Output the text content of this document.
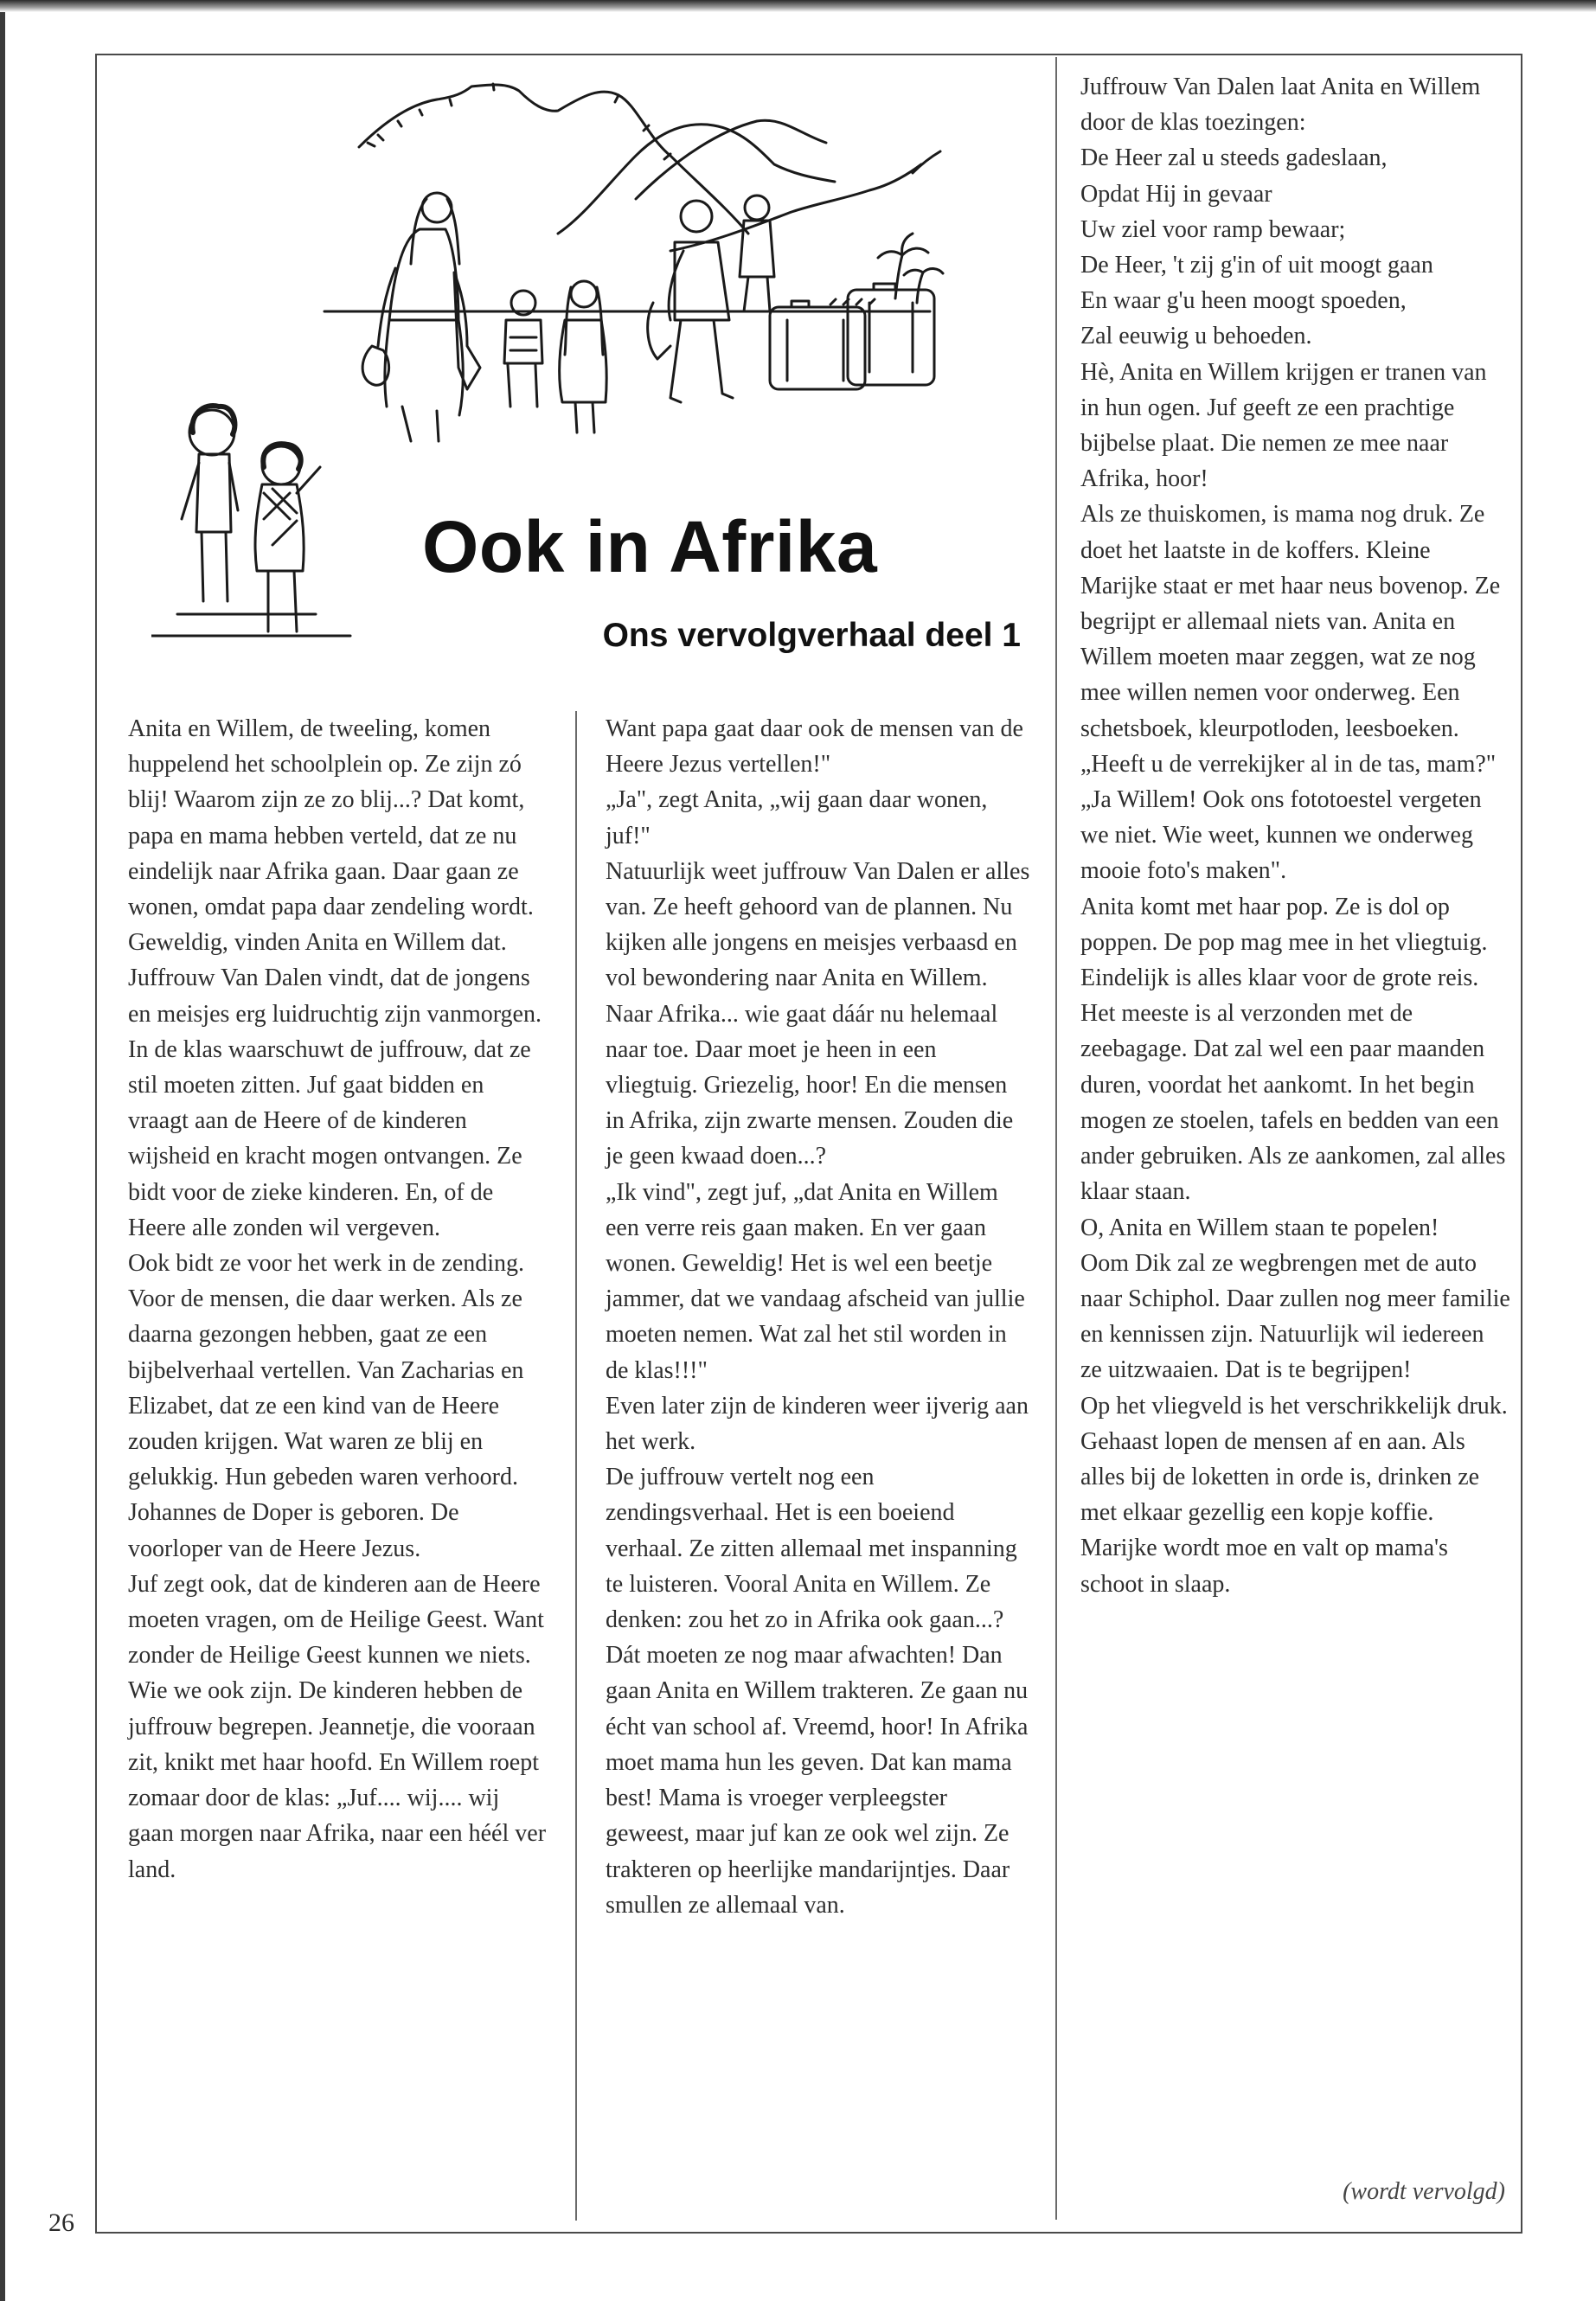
Ook in Afrika
Ons vervolgverhaal deel 1

Anita en Willem, de tweeling, komen huppelend het schoolplein op. Ze zijn zó blij! Waarom zijn ze zo blij...? Dat komt, papa en mama hebben verteld, dat ze nu eindelijk naar Afrika gaan. Daar gaan ze wonen, omdat papa daar zendeling wordt. Geweldig, vinden Anita en Willem dat.

Juffrouw Van Dalen vindt, dat de jongens en meisjes erg luidruchtig zijn vanmorgen. In de klas waarschuwt de juffrouw, dat ze stil moeten zitten. Juf gaat bidden en vraagt aan de Heere of de kinderen wijsheid en kracht mogen ontvangen. Ze bidt voor de zieke kinderen. En, of de Heere alle zonden wil vergeven.

Ook bidt ze voor het werk in de zending. Voor de mensen, die daar werken. Als ze daarna gezongen hebben, gaat ze een bijbelverhaal vertellen. Van Zacharias en Elizabet, dat ze een kind van de Heere zouden krijgen. Wat waren ze blij en gelukkig. Hun gebeden waren verhoord. Johannes de Doper is geboren. De voorloper van de Heere Jezus.

Juf zegt ook, dat de kinderen aan de Heere moeten vragen, om de Heilige Geest. Want zonder de Heilige Geest kunnen we niets. Wie we ook zijn. De kinderen hebben de juffrouw begrepen. Jeannetje, die vooraan zit, knikt met haar hoofd. En Willem roept zomaar door de klas: „Juf.... wij.... wij gaan morgen naar Afrika, naar een héél ver land.

Want papa gaat daar ook de mensen van de Heere Jezus vertellen!"

„Ja", zegt Anita, „wij gaan daar wonen, juf!"

Natuurlijk weet juffrouw Van Dalen er alles van. Ze heeft gehoord van de plannen. Nu kijken alle jongens en meisjes verbaasd en vol bewondering naar Anita en Willem. Naar Afrika... wie gaat dáár nu helemaal naar toe. Daar moet je heen in een vliegtuig. Griezelig, hoor! En die mensen in Afrika, zijn zwarte mensen. Zouden die je geen kwaad doen...?

„Ik vind", zegt juf, „dat Anita en Willem een verre reis gaan maken. En ver gaan wonen. Geweldig! Het is wel een beetje jammer, dat we vandaag afscheid van jullie moeten nemen. Wat zal het stil worden in de klas!!!"

Even later zijn de kinderen weer ijverig aan het werk.

De juffrouw vertelt nog een zendingsverhaal. Het is een boeiend verhaal. Ze zitten allemaal met inspanning te luisteren. Vooral Anita en Willem. Ze denken: zou het zo in Afrika ook gaan...? Dát moeten ze nog maar afwachten! Dan gaan Anita en Willem trakteren. Ze gaan nu écht van school af. Vreemd, hoor! In Afrika moet mama hun les geven. Dat kan mama best! Mama is vroeger verpleegster geweest, maar juf kan ze ook wel zijn. Ze trakteren op heerlijke mandarijntjes. Daar smullen ze allemaal van.

Juffrouw Van Dalen laat Anita en Willem door de klas toezingen:

De Heer zal u steeds gadeslaan,

Opdat Hij in gevaar

Uw ziel voor ramp bewaar;

De Heer, 't zij g'in of uit moogt gaan

En waar g'u heen moogt spoeden,

Zal eeuwig u behoeden.

Hè, Anita en Willem krijgen er tranen van in hun ogen. Juf geeft ze een prachtige bijbelse plaat. Die nemen ze mee naar Afrika, hoor!

Als ze thuiskomen, is mama nog druk. Ze doet het laatste in de koffers. Kleine Marijke staat er met haar neus bovenop. Ze begrijpt er allemaal niets van. Anita en Willem moeten maar zeggen, wat ze nog mee willen nemen voor onderweg. Een schetsboek, kleurpotloden, leesboeken.

„Heeft u de verrekijker al in de tas, mam?"

„Ja Willem! Ook ons fototoestel vergeten we niet. Wie weet, kunnen we onderweg mooie foto's maken".

Anita komt met haar pop. Ze is dol op poppen. De pop mag mee in het vliegtuig.

Eindelijk is alles klaar voor de grote reis. Het meeste is al verzonden met de zeebagage. Dat zal wel een paar maanden duren, voordat het aankomt. In het begin mogen ze stoelen, tafels en bedden van een ander gebruiken. Als ze aankomen, zal alles klaar staan.

O, Anita en Willem staan te popelen!

Oom Dik zal ze wegbrengen met de auto naar Schiphol. Daar zullen nog meer familie en kennissen zijn. Natuurlijk wil iedereen ze uitzwaaien. Dat is te begrijpen!

Op het vliegveld is het verschrikkelijk druk. Gehaast lopen de mensen af en aan. Als alles bij de loketten in orde is, drinken ze met elkaar gezellig een kopje koffie. Marijke wordt moe en valt op mama's schoot in slaap.

(wordt vervolgd)

26
